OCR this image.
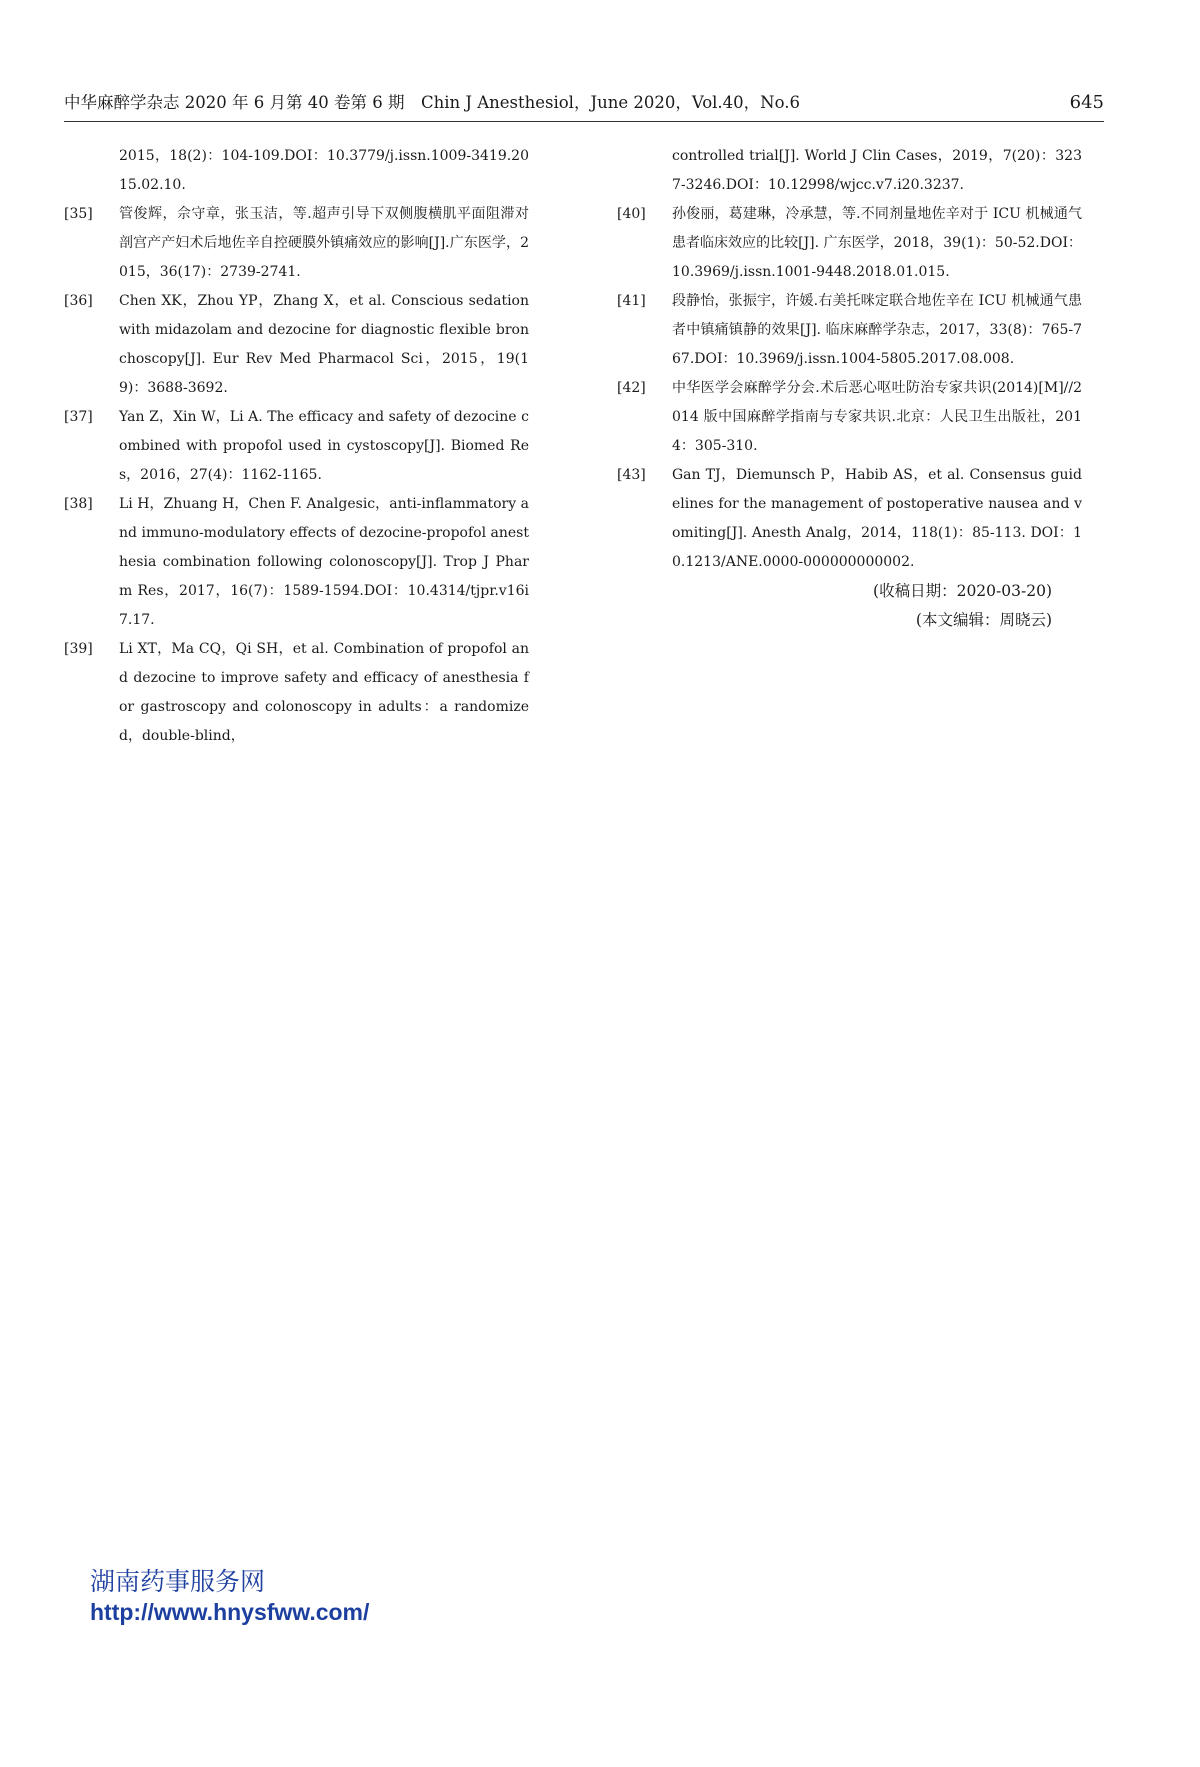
中华麻醉学杂志 2020 年 6 月第 40 卷第 6 期　Chin J Anesthesiol，June 2020，Vol.40，No.6	645
2015，18(2)：104-109.DOI：10.3779/j.issn.1009-3419.2015.02.10.
[35]	管俊辉，佘守章，张玉洁，等.超声引导下双侧腹横肌平面阻滞对剖宫产产妇术后地佐辛自控硬膜外镇痛效应的影响[J].广东医学，2015，36(17)：2739-2741.
[36]	Chen XK，Zhou YP，Zhang X，et al. Conscious sedation with midazolam and dezocine for diagnostic flexible bronchoscopy[J]. Eur Rev Med Pharmacol Sci，2015，19(19)：3688-3692.
[37]	Yan Z，Xin W，Li A. The efficacy and safety of dezocine combined with propofol used in cystoscopy[J]. Biomed Res，2016，27(4)：1162-1165.
[38]	Li H，Zhuang H，Chen F. Analgesic，anti-inflammatory and immuno-modulatory effects of dezocine-propofol anesthesia combination following colonoscopy[J]. Trop J Pharm Res，2017，16(7)：1589-1594.DOI：10.4314/tjpr.v16i7.17.
[39]	Li XT，Ma CQ，Qi SH，et al. Combination of propofol and dezocine to improve safety and efficacy of anesthesia for gastroscopy and colonoscopy in adults：a randomized，double-blind，
controlled trial[J]. World J Clin Cases，2019，7(20)：3237-3246.DOI：10.12998/wjcc.v7.i20.3237.
[40]	孙俊丽，葛建琳，冷承慧，等.不同剂量地佐辛对于 ICU 机械通气患者临床效应的比较[J]. 广东医学，2018，39(1)：50-52.DOI：10.3969/j.issn.1001-9448.2018.01.015.
[41]	段静怡，张振宇，许媛.右美托咪定联合地佐辛在 ICU 机械通气患者中镇痛镇静的效果[J]. 临床麻醉学杂志，2017，33(8)：765-767.DOI：10.3969/j.issn.1004-5805.2017.08.008.
[42]	中华医学会麻醉学分会.术后恶心呕吐防治专家共识(2014)[M]//2014 版中国麻醉学指南与专家共识.北京：人民卫生出版社，2014：305-310.
[43]	Gan TJ，Diemunsch P，Habib AS，et al. Consensus guidelines for the management of postoperative nausea and vomiting[J]. Anesth Analg，2014，118(1)：85-113. DOI：10.1213/ANE.0000-000000000002.
(收稿日期：2020-03-20)
(本文编辑：周晓云)
湖南药事服务网
http://www.hnysfww.com/
